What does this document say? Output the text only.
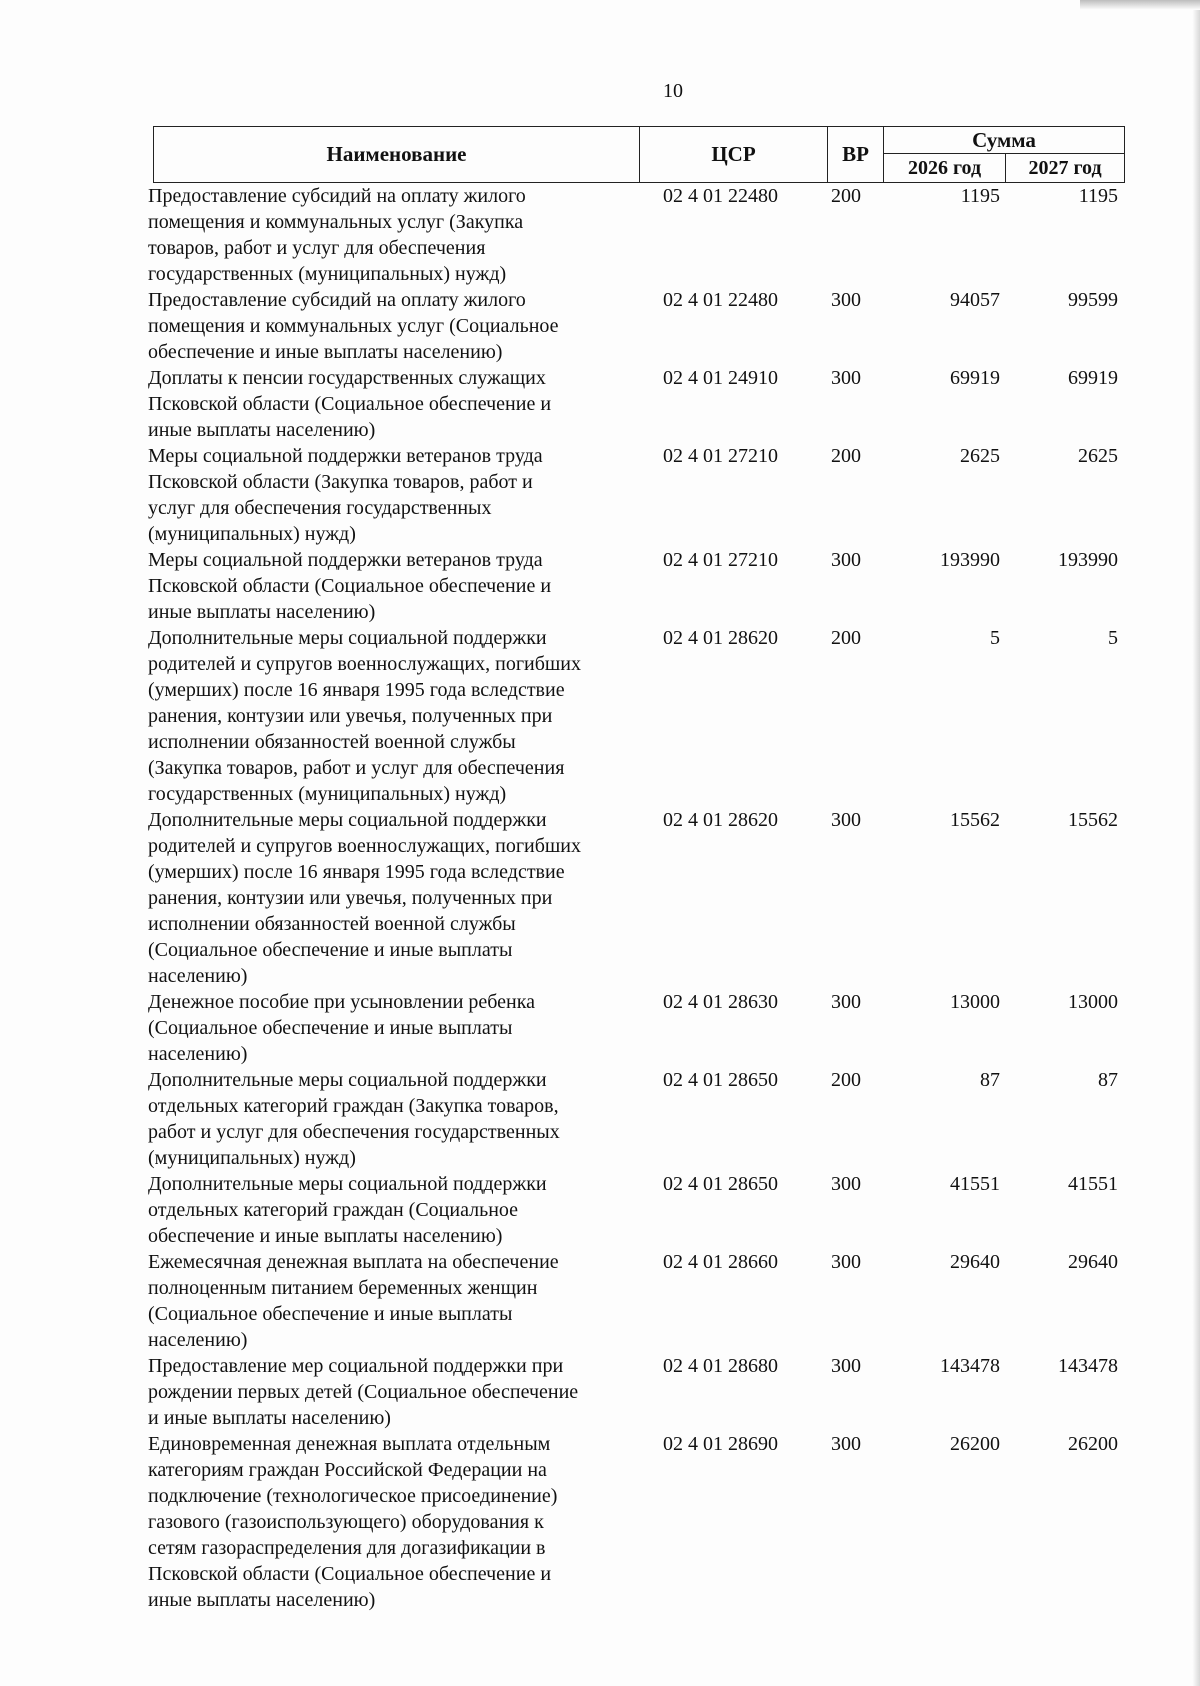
10
Наименование	ЦСР	ВР
Сумма
2026 год	2027 год
Предоставление субсидий на оплату жилого
помещения и коммунальных услуг (Закупка
товаров, работ и услуг для обеспечения
государственных (муниципальных) нужд)
02 4 01 22480	200	1195	1195
Предоставление субсидий на оплату жилого
помещения и коммунальных услуг (Социальное
обеспечение и иные выплаты населению)
02 4 01 22480	300	94057	99599
Доплаты к пенсии государственных служащих
Псковской области (Социальное обеспечение и
иные выплаты населению)
02 4 01 24910	300	69919	69919
Меры социальной поддержки ветеранов труда
Псковской области (Закупка товаров, работ и
услуг для обеспечения государственных
(муниципальных) нужд)
02 4 01 27210	200	2625	2625
Меры социальной поддержки ветеранов труда
Псковской области (Социальное обеспечение и
иные выплаты населению)
02 4 01 27210	300	193990	193990
Дополнительные меры социальной поддержки
родителей и супругов военнослужащих, погибших
(умерших) после 16 января 1995 года вследствие
ранения, контузии или увечья, полученных при
исполнении обязанностей военной службы
(Закупка товаров, работ и услуг для обеспечения
государственных (муниципальных) нужд)
02 4 01 28620	200	5	5
Дополнительные меры социальной поддержки
родителей и супругов военнослужащих, погибших
(умерших) после 16 января 1995 года вследствие
ранения, контузии или увечья, полученных при
исполнении обязанностей военной службы
(Социальное обеспечение и иные выплаты
населению)
02 4 01 28620	300	15562	15562
Денежное пособие при усыновлении ребенка
(Социальное обеспечение и иные выплаты
населению)
02 4 01 28630	300	13000	13000
Дополнительные меры социальной поддержки
отдельных категорий граждан (Закупка товаров,
работ и услуг для обеспечения государственных
(муниципальных) нужд)
02 4 01 28650	200	87	87
Дополнительные меры социальной поддержки
отдельных категорий граждан (Социальное
обеспечение и иные выплаты населению)
02 4 01 28650	300	41551	41551
Ежемесячная денежная выплата на обеспечение
полноценным питанием беременных женщин
(Социальное обеспечение и иные выплаты
населению)
02 4 01 28660	300	29640	29640
Предоставление мер социальной поддержки при
рождении первых детей (Социальное обеспечение
и иные выплаты населению)
02 4 01 28680	300	143478	143478
Единовременная денежная выплата отдельным
категориям граждан Российской Федерации на
подключение (технологическое присоединение)
газового (газоиспользующего) оборудования к
сетям газораспределения для догазификации в
Псковской области (Социальное обеспечение и
иные выплаты населению)
02 4 01 28690	300	26200	26200
